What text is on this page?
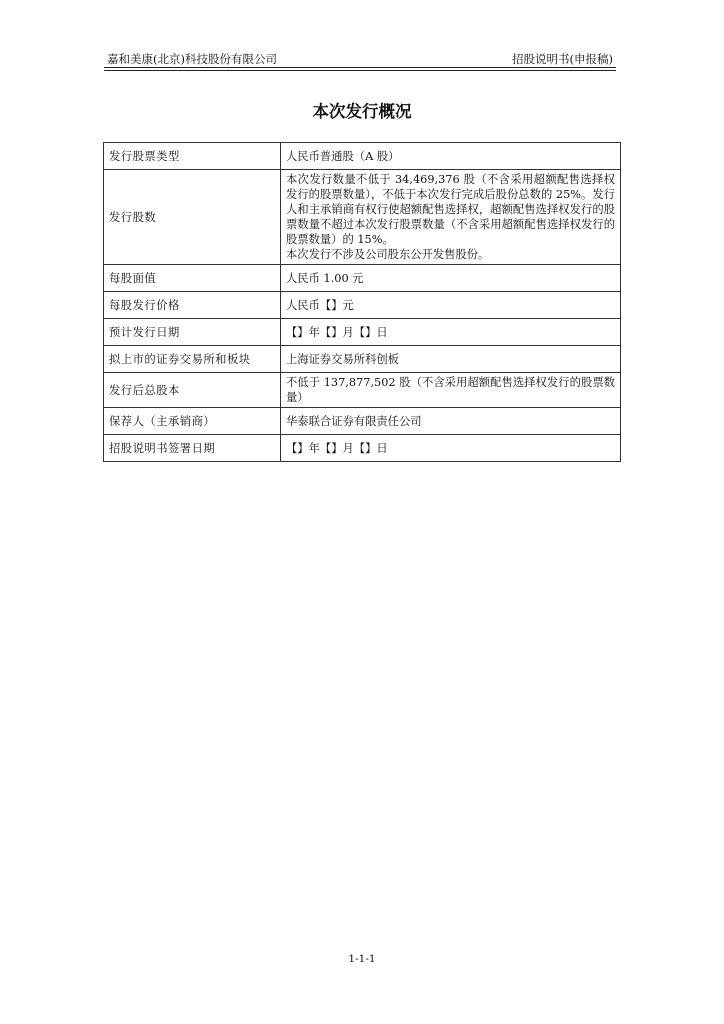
嘉和美康(北京)科技股份有限公司	招股说明书(申报稿)
本次发行概况
发行股票类型	人民币普通股（A 股）
发行股数	本次发行数量不低于 34,469,376 股（不含采用超额配售选择权发行的股票数量），不低于本次发行完成后股份总数的 25%。发行人和主承销商有权行使超额配售选择权，超额配售选择权发行的股票数量不超过本次发行股票数量（不含采用超额配售选择权发行的股票数量）的 15%。
本次发行不涉及公司股东公开发售股份。

每股面值	人民币 1.00 元
每股发行价格	人民币【】元
预计发行日期	【】年【】月【】日
拟上市的证券交易所和板块	上海证券交易所科创板
发行后总股本	不低于 137,877,502 股（不含采用超额配售选择权发行的股票数量）
保荐人（主承销商）	华泰联合证券有限责任公司
招股说明书签署日期	【】年【】月【】日
1-1-1
